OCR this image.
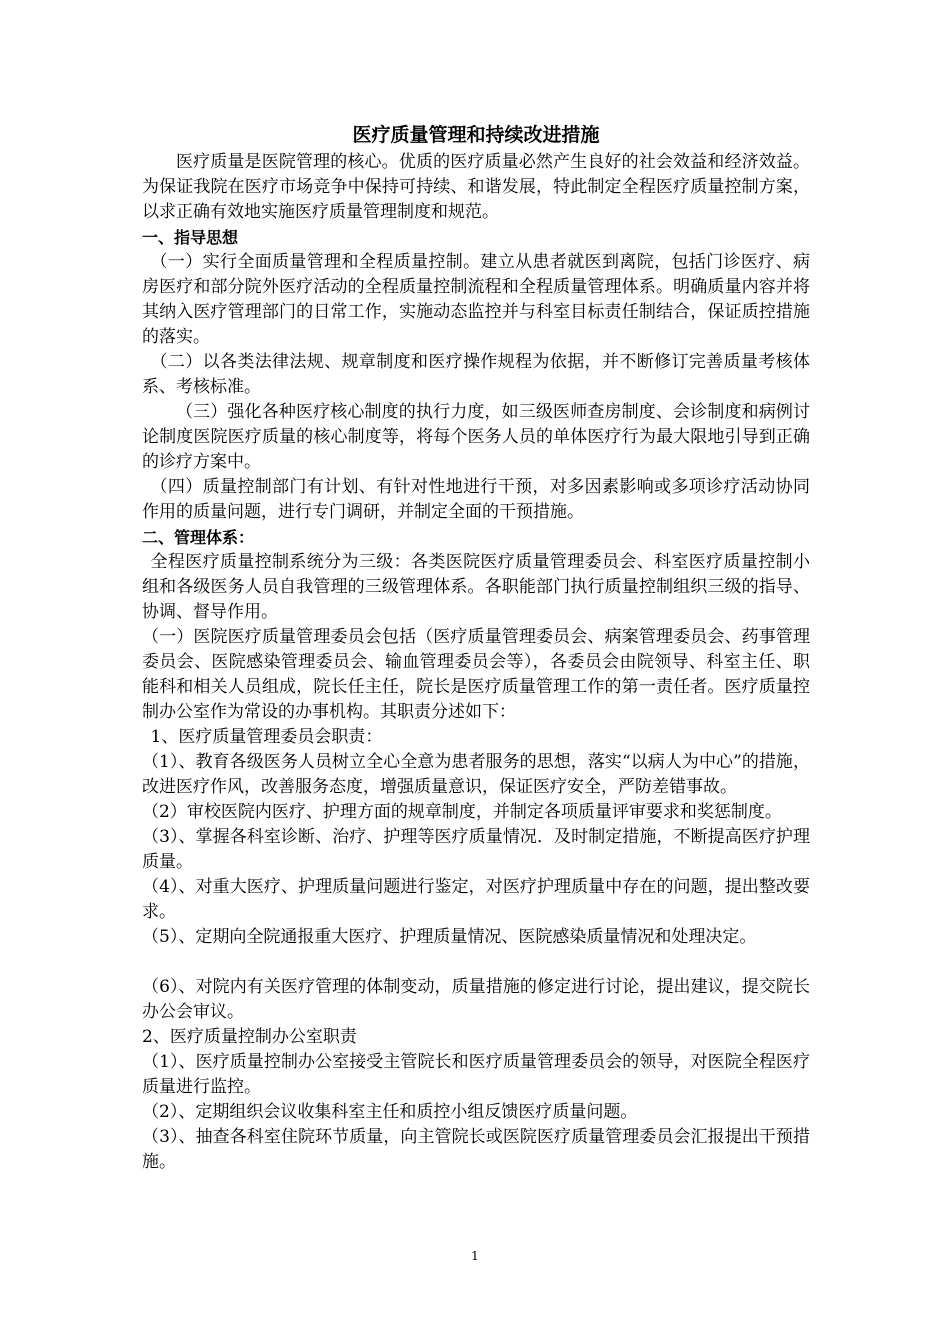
医疗质量管理和持续改进措施

医疗质量是医院管理的核心。优质的医疗质量必然产生良好的社会效益和经济效益。为保证我院在医疗市场竞争中保持可持续、和谐发展，特此制定全程医疗质量控制方案，以求正确有效地实施医疗质量管理制度和规范。

一、指导思想

（一）实行全面质量管理和全程质量控制。建立从患者就医到离院，包括门诊医疗、病房医疗和部分院外医疗活动的全程质量控制流程和全程质量管理体系。明确质量内容并将其纳入医疗管理部门的日常工作，实施动态监控并与科室目标责任制结合，保证质控措施的落实。

（二）以各类法律法规、规章制度和医疗操作规程为依据，并不断修订完善质量考核体系、考核标准。

（三）强化各种医疗核心制度的执行力度，如三级医师查房制度、会诊制度和病例讨论制度医院医疗质量的核心制度等，将每个医务人员的单体医疗行为最大限地引导到正确的诊疗方案中。

（四）质量控制部门有计划、有针对性地进行干预，对多因素影响或多项诊疗活动协同作用的质量问题，进行专门调研，并制定全面的干预措施。

二、管理体系：

全程医疗质量控制系统分为三级：各类医院医疗质量管理委员会、科室医疗质量控制小组和各级医务人员自我管理的三级管理体系。各职能部门执行质量控制组织三级的指导、协调、督导作用。

（一）医院医疗质量管理委员会包括（医疗质量管理委员会、病案管理委员会、药事管理委员会、医院感染管理委员会、输血管理委员会等），各委员会由院领导、科室主任、职能科和相关人员组成，院长任主任，院长是医疗质量管理工作的第一责任者。医疗质量控制办公室作为常设的办事机构。其职责分述如下：

1、医疗质量管理委员会职责：

（1）、教育各级医务人员树立全心全意为患者服务的思想，落实“以病人为中心”的措施，改进医疗作风，改善服务态度，增强质量意识，保证医疗安全，严防差错事故。

（2）审校医院内医疗、护理方面的规章制度，并制定各项质量评审要求和奖惩制度。

（3）、掌握各科室诊断、治疗、护理等医疗质量情况．及时制定措施，不断提高医疗护理质量。

（4）、对重大医疗、护理质量问题进行鉴定，对医疗护理质量中存在的问题，提出整改要求。

（5）、定期向全院通报重大医疗、护理质量情况、医院感染质量情况和处理决定。

（6）、对院内有关医疗管理的体制变动，质量措施的修定进行讨论，提出建议，提交院长办公会审议。

2、医疗质量控制办公室职责

（1）、医疗质量控制办公室接受主管院长和医疗质量管理委员会的领导，对医院全程医疗质量进行监控。

（2）、定期组织会议收集科室主任和质控小组反馈医疗质量问题。

（3）、抽查各科室住院环节质量，向主管院长或医院医疗质量管理委员会汇报提出干预措施。

1
